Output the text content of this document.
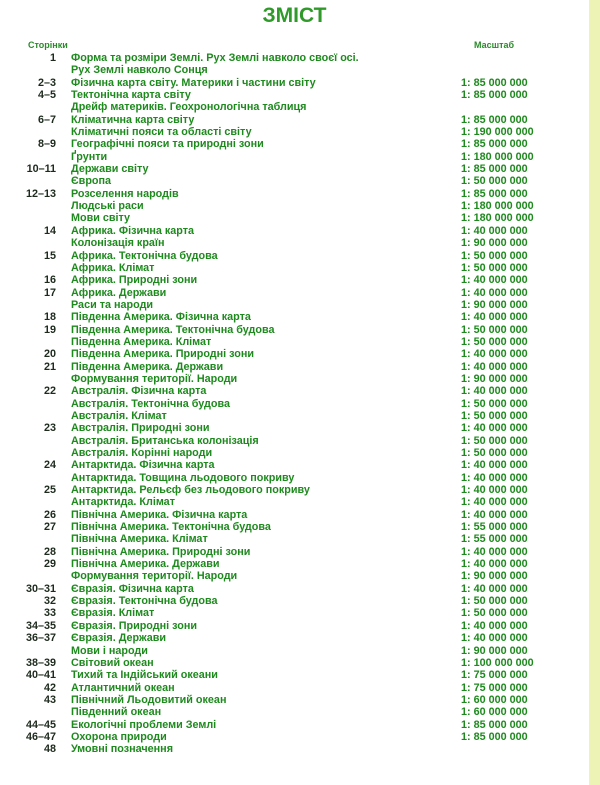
ЗМІСТ
Сторінки	Масштаб
1 Форма та розміри Землі. Рух Землі навколо своєї осі.
Рух Землі навколо Сонця
2–3 Фізична карта світу. Материки і частини світу	1: 85 000 000
4–5 Тектонічна карта світу	1: 85 000 000
Дрейф материків. Геохронологічна таблиця
6–7 Кліматична карта світу	1: 85 000 000
Кліматичні пояси та області світу	1: 190 000 000
8–9 Географічні пояси та природні зони	1: 85 000 000
Ґрунти	1: 180 000 000
10–11 Держави світу	1: 85 000 000
Європа	1: 50 000 000
12–13 Розселення народів	1: 85 000 000
Людські раси	1: 180 000 000
Мови світу	1: 180 000 000
14 Африка. Фізична карта	1: 40 000 000
Колонізація країн	1: 90 000 000
15 Африка. Тектонічна будова	1: 50 000 000
Африка. Клімат	1: 50 000 000
16 Африка. Природні зони	1: 40 000 000
17 Африка. Держави	1: 40 000 000
Раси та народи	1: 90 000 000
18 Південна Америка. Фізична карта	1: 40 000 000
19 Південна Америка. Тектонічна будова	1: 50 000 000
Південна Америка. Клімат	1: 50 000 000
20 Південна Америка. Природні зони	1: 40 000 000
21 Південна Америка. Держави	1: 40 000 000
Формування території. Народи	1: 90 000 000
22 Австралія. Фізична карта	1: 40 000 000
Австралія. Тектонічна будова	1: 50 000 000
Австралія. Клімат	1: 50 000 000
23 Австралія. Природні зони	1: 40 000 000
Австралія. Британська колонізація	1: 50 000 000
Австралія. Корінні народи	1: 50 000 000
24 Антарктида. Фізична карта	1: 40 000 000
Антарктида. Товщина льодового покриву	1: 40 000 000
25 Антарктида. Рельєф без льодового покриву	1: 40 000 000
Антарктида. Клімат	1: 40 000 000
26 Північна Америка. Фізична карта	1: 40 000 000
27 Північна Америка. Тектонічна будова	1: 55 000 000
Північна Америка. Клімат	1: 55 000 000
28 Північна Америка. Природні зони	1: 40 000 000
29 Північна Америка. Держави	1: 40 000 000
Формування території. Народи	1: 90 000 000
30–31 Євразія. Фізична карта	1: 40 000 000
32 Євразія. Тектонічна будова	1: 50 000 000
33 Євразія. Клімат	1: 50 000 000
34–35 Євразія. Природні зони	1: 40 000 000
36–37 Євразія. Держави	1: 40 000 000
Мови і народи	1: 90 000 000
38–39 Світовий океан	1: 100 000 000
40–41 Тихий та Індійський океани	1: 75 000 000
42 Атлантичний океан	1: 75 000 000
43 Північний Льодовитий океан	1: 60 000 000
Південний океан	1: 60 000 000
44–45 Екологічні проблеми Землі	1: 85 000 000
46–47 Охорона природи	1: 85 000 000
48 Умовні позначення
